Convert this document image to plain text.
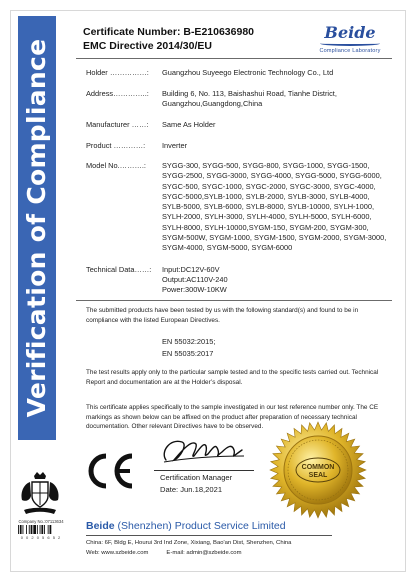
Verification of Compliance
Certificate Number: B-E210636980
EMC Directive 2014/30/EU
Beide
Compliance Laboratory
Holder ……………: Guangzhou Suyeego Electronic Technology Co., Ltd
Address…………..: Building 6, No. 113, Baishashui Road, Tianhe District, Guangzhou,Guangdong,China
Manufacturer ……: Same As Holder
Product …………: Inverter
Model No.……….: SYGG-300, SYGG-500, SYGG-800, SYGG-1000, SYGG-1500, SYGG-2500, SYGG-3000, SYGG-4000, SYGG-5000, SYGG-6000, SYGC-500, SYGC-1000, SYGC-2000, SYGC-3000, SYGC-4000, SYGC-5000,SYLB-1000, SYLB-2000, SYLB-3000, SYLB-4000, SYLB-5000, SYLB-6000, SYLB-8000, SYLB-10000, SYLH-1000, SYLH-2000, SYLH-3000, SYLH-4000, SYLH-5000, SYLH-6000, SYLH-8000, SYLH-10000,SYGM-150, SYGM-200, SYGM-300, SYGM-500W, SYGM-1000, SYGM-1500, SYGM-2000, SYGM-3000, SYGM-4000, SYGM-5000, SYGM-6000
Technical Data……: Input:DC12V-60V
Output:AC110V-240
Power:300W-10KW
The submitted products have been tested by us with the following standard(s) and found to be in compliance with the listed European Directives.
EN 55032:2015;
EN 55035:2017
The test results apply only to the particular sample tested and to the specific tests carried out. Technical Report and documentation are at the Holder’s disposal.
This certificate applies specifically to the sample investigated in our test reference number only. The CE markings as shown below can be affixed on the product after preparation of necessary technical documentation. Other relevant Directives have to be observed.
Certification Manager
Date: Jun.18,2021
COMMON
SEAL
Company No.:07113634
0 0 2 0 5 6 5 2
Beide (Shenzhen) Product Service Limited
China: 6F, Bldg E, Hourui 3rd Ind Zone, Xixiang, Bao'an Dist, Shenzhen, China
Web: www.szbeide.com	E-mail: admin@szbeide.com
